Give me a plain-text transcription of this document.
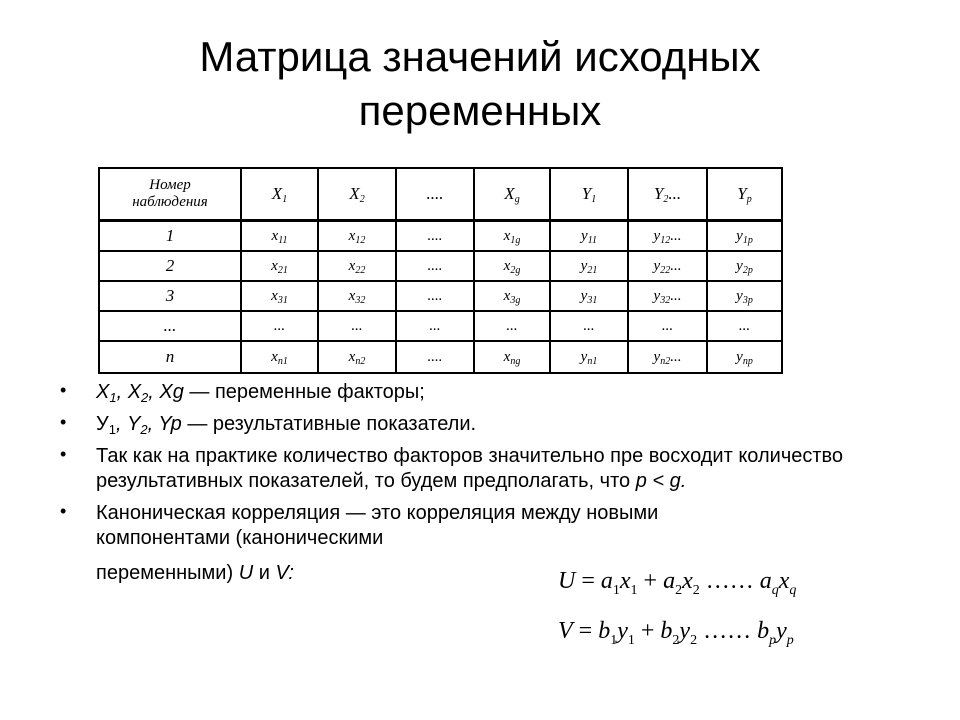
Матрица значений исходных
переменных
Номер
наблюдения	$X_1$	$X_2$	....	$X_g$	$Y_1$	$Y_2$...	$Y_p$
1	$x_{11}$	$x_{12}$	....	$x_{1g}$	$y_{11}$	$y_{12}$...	$y_{1p}$
2	$x_{21}$	$x_{22}$	....	$x_{2g}$	$y_{21}$	$y_{22}$...	$y_{2p}$
3	$x_{31}$	$x_{32}$	....	$x_{3g}$	$y_{31}$	$y_{32}$...	$y_{3p}$
...	...	...	...	...	...	...	...
n	$x_{n1}$	$x_{n2}$	....	$x_{ng}$	$y_{n1}$	$y_{n2}$...	$y_{np}$
• $X_1$, $X_2$, Xg — переменные факторы;
• $У_1$, $Y_2$, Yp — результативные показатели.
• Так как на практике количество факторов значительно пре восходит количество результативных показателей, то будем предполагать, что p < g.
• Каноническая корреляция — это корреляция между новыми
компонентами (каноническими
переменными) U и V:	$U = a_1x_1 + a_2x_2$ …… $a_qx_q$
$V = b_1y_1 + b_2y_2$ …… $b_py_p$
